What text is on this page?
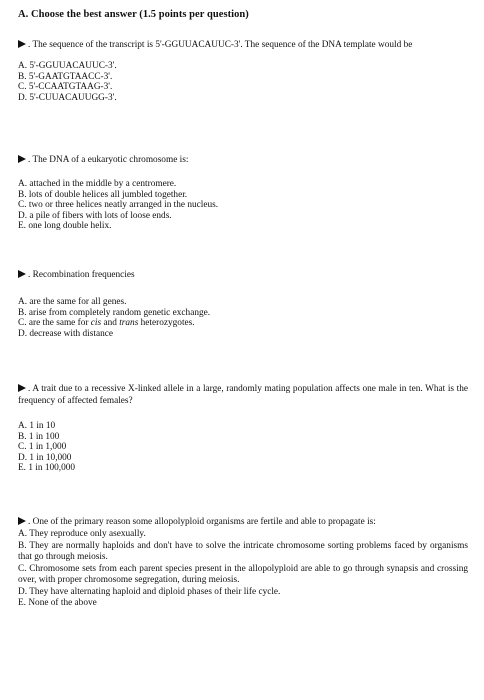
A. Choose the best answer (1.5 points per question)
. The sequence of the transcript is 5'-GGUUACAUUC-3'. The sequence of the DNA template would be
A. 5'-GGUUACAUUC-3'.
B. 5'-GAATGTAACC-3'.
C. 5'-CCAATGTAAG-3'.
D. 5'-CUUACAUUGG-3'.
. The DNA of a eukaryotic chromosome is:
A. attached in the middle by a centromere.
B. lots of double helices all jumbled together.
C. two or three helices neatly arranged in the nucleus.
D. a pile of fibers with lots of loose ends.
E. one long double helix.
. Recombination frequencies
A. are the same for all genes.
B. arise from completely random genetic exchange.
C. are the same for cis and trans heterozygotes.
D. decrease with distance
. A trait due to a recessive X-linked allele in a large, randomly mating population affects one male in ten. What is the frequency of affected females?
A. 1 in 10
B. 1 in 100
C. 1 in 1,000
D. 1 in 10,000
E. 1 in 100,000
. One of the primary reason some allopolyploid organisms are fertile and able to propagate is:
A. They reproduce only asexually.
B. They are normally haploids and don't have to solve the intricate chromosome sorting problems faced by organisms that go through meiosis.
C. Chromosome sets from each parent species present in the allopolyploid are able to go through synapsis and crossing over, with proper chromosome segregation, during meiosis.
D. They have alternating haploid and diploid phases of their life cycle.
E. None of the above
